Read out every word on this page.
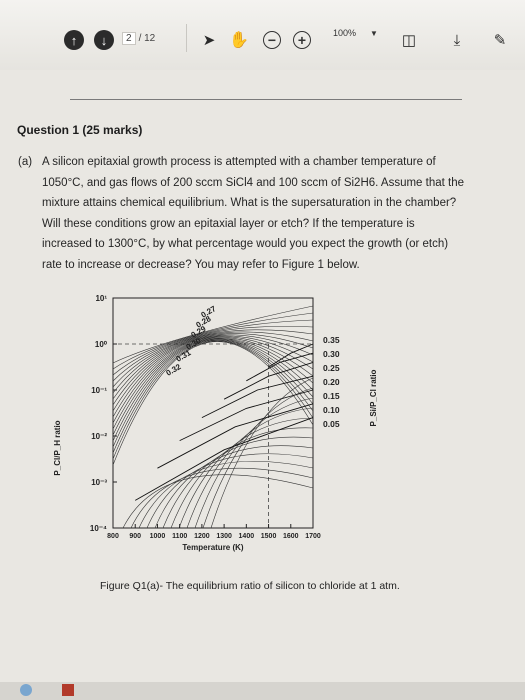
↑	↓	2 / 12	➤ ✋	−	+	100% ▼ ◫	⤓ ✎
Question 1 (25 marks)
(a) A silicon epitaxial growth process is attempted with a chamber temperature of
1050°C, and gas flows of 200 sccm SiCl4 and 100 sccm of Si2H6. Assume that the
mixture attains chemical equilibrium. What is the supersaturation in the chamber?
Will these conditions grow an epitaxial layer or etch? If the temperature is
increased to 1300°C, by what percentage would you expect the growth (or etch)
rate to increase or decrease? You may refer to Figure 1 below.
10¹
10⁰
10⁻¹
10⁻²
10⁻³
10⁻⁴
800 900 1000 1100 1200 1300 1400 1500 1600 1700
0.35
0.30
0.25
0.20
0.15
0.10
0.05
0.27
0.28
0.29
0.30
0.31
0.32
Temperature (K)
P_Cl/P_H ratio
P_Si/P_Cl ratio
Figure Q1(a)- The equilibrium ratio of silicon to chloride at 1 atm.
